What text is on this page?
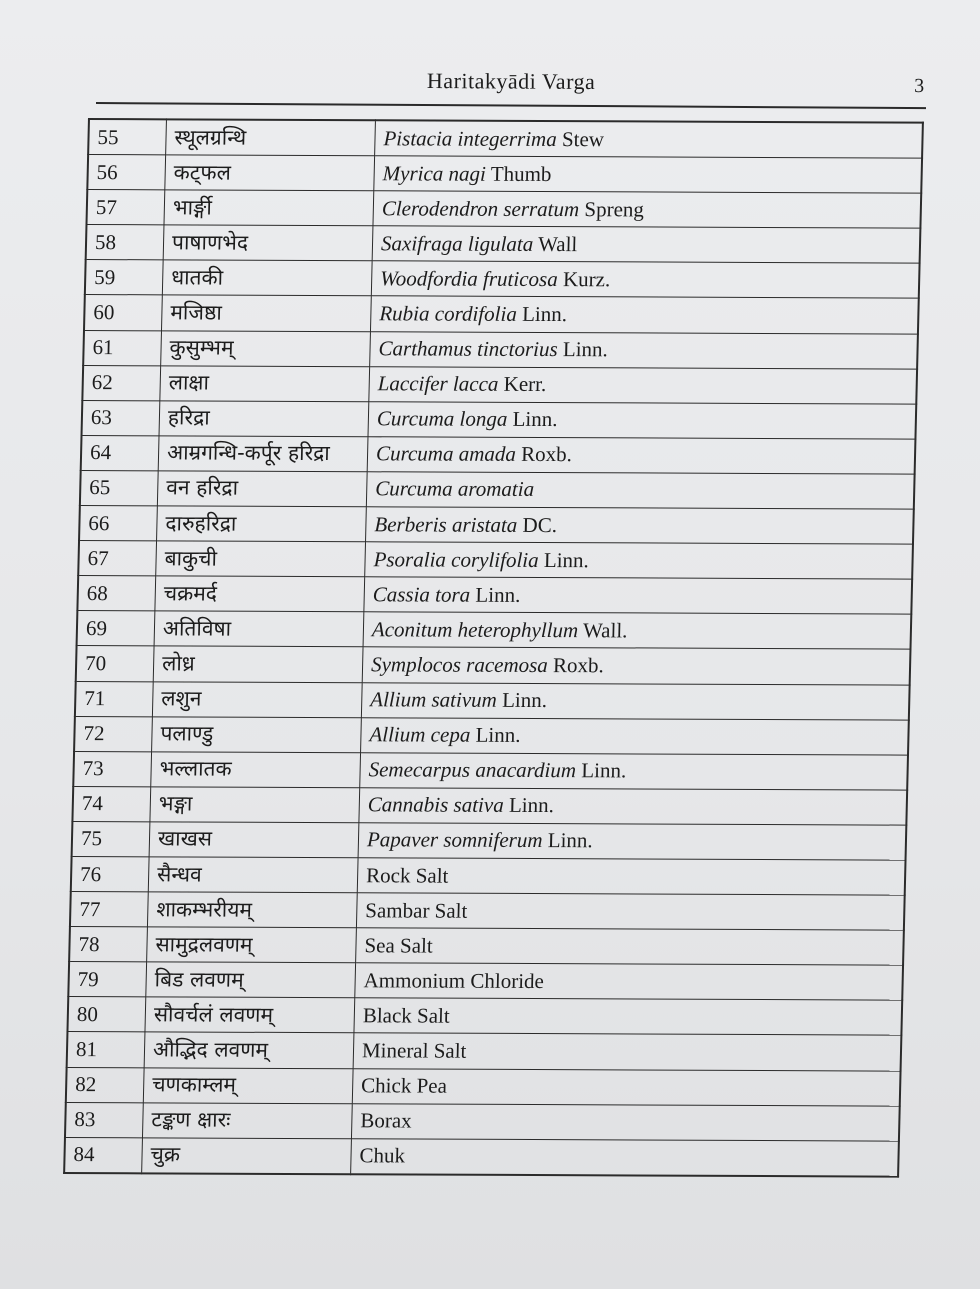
Haritakyādi Varga	3
55	स्थूलग्रन्थि	Pistacia integerrima Stew
56	कट्फल	Myrica nagi Thumb
57	भार्ङ्गी	Clerodendron serratum Spreng
58	पाषाणभेद	Saxifraga ligulata Wall
59	धातकी	Woodfordia fruticosa Kurz.
60	मजिष्ठा	Rubia cordifolia Linn.
61	कुसुम्भम्	Carthamus tinctorius Linn.
62	लाक्षा	Laccifer lacca Kerr.
63	हरिद्रा	Curcuma longa Linn.
64	आम्रगन्धि-कर्पूर हरिद्रा	Curcuma amada Roxb.
65	वन हरिद्रा	Curcuma aromatia
66	दारुहरिद्रा	Berberis aristata DC.
67	बाकुची	Psoralia corylifolia Linn.
68	चक्रमर्द	Cassia tora Linn.
69	अतिविषा	Aconitum heterophyllum Wall.
70	लोध्र	Symplocos racemosa Roxb.
71	लशुन	Allium sativum Linn.
72	पलाण्डु	Allium cepa Linn.
73	भल्लातक	Semecarpus anacardium Linn.
74	भङ्गा	Cannabis sativa Linn.
75	खाखस	Papaver somniferum Linn.
76	सैन्धव	Rock Salt
77	शाकम्भरीयम्	Sambar Salt
78	सामुद्रलवणम्	Sea Salt
79	बिड लवणम्	Ammonium Chloride
80	सौवर्चलं लवणम्	Black Salt
81	औद्भिद लवणम्	Mineral Salt
82	चणकाम्लम्	Chick Pea
83	टङ्कण क्षारः	Borax
84	चुक्र	Chuk
